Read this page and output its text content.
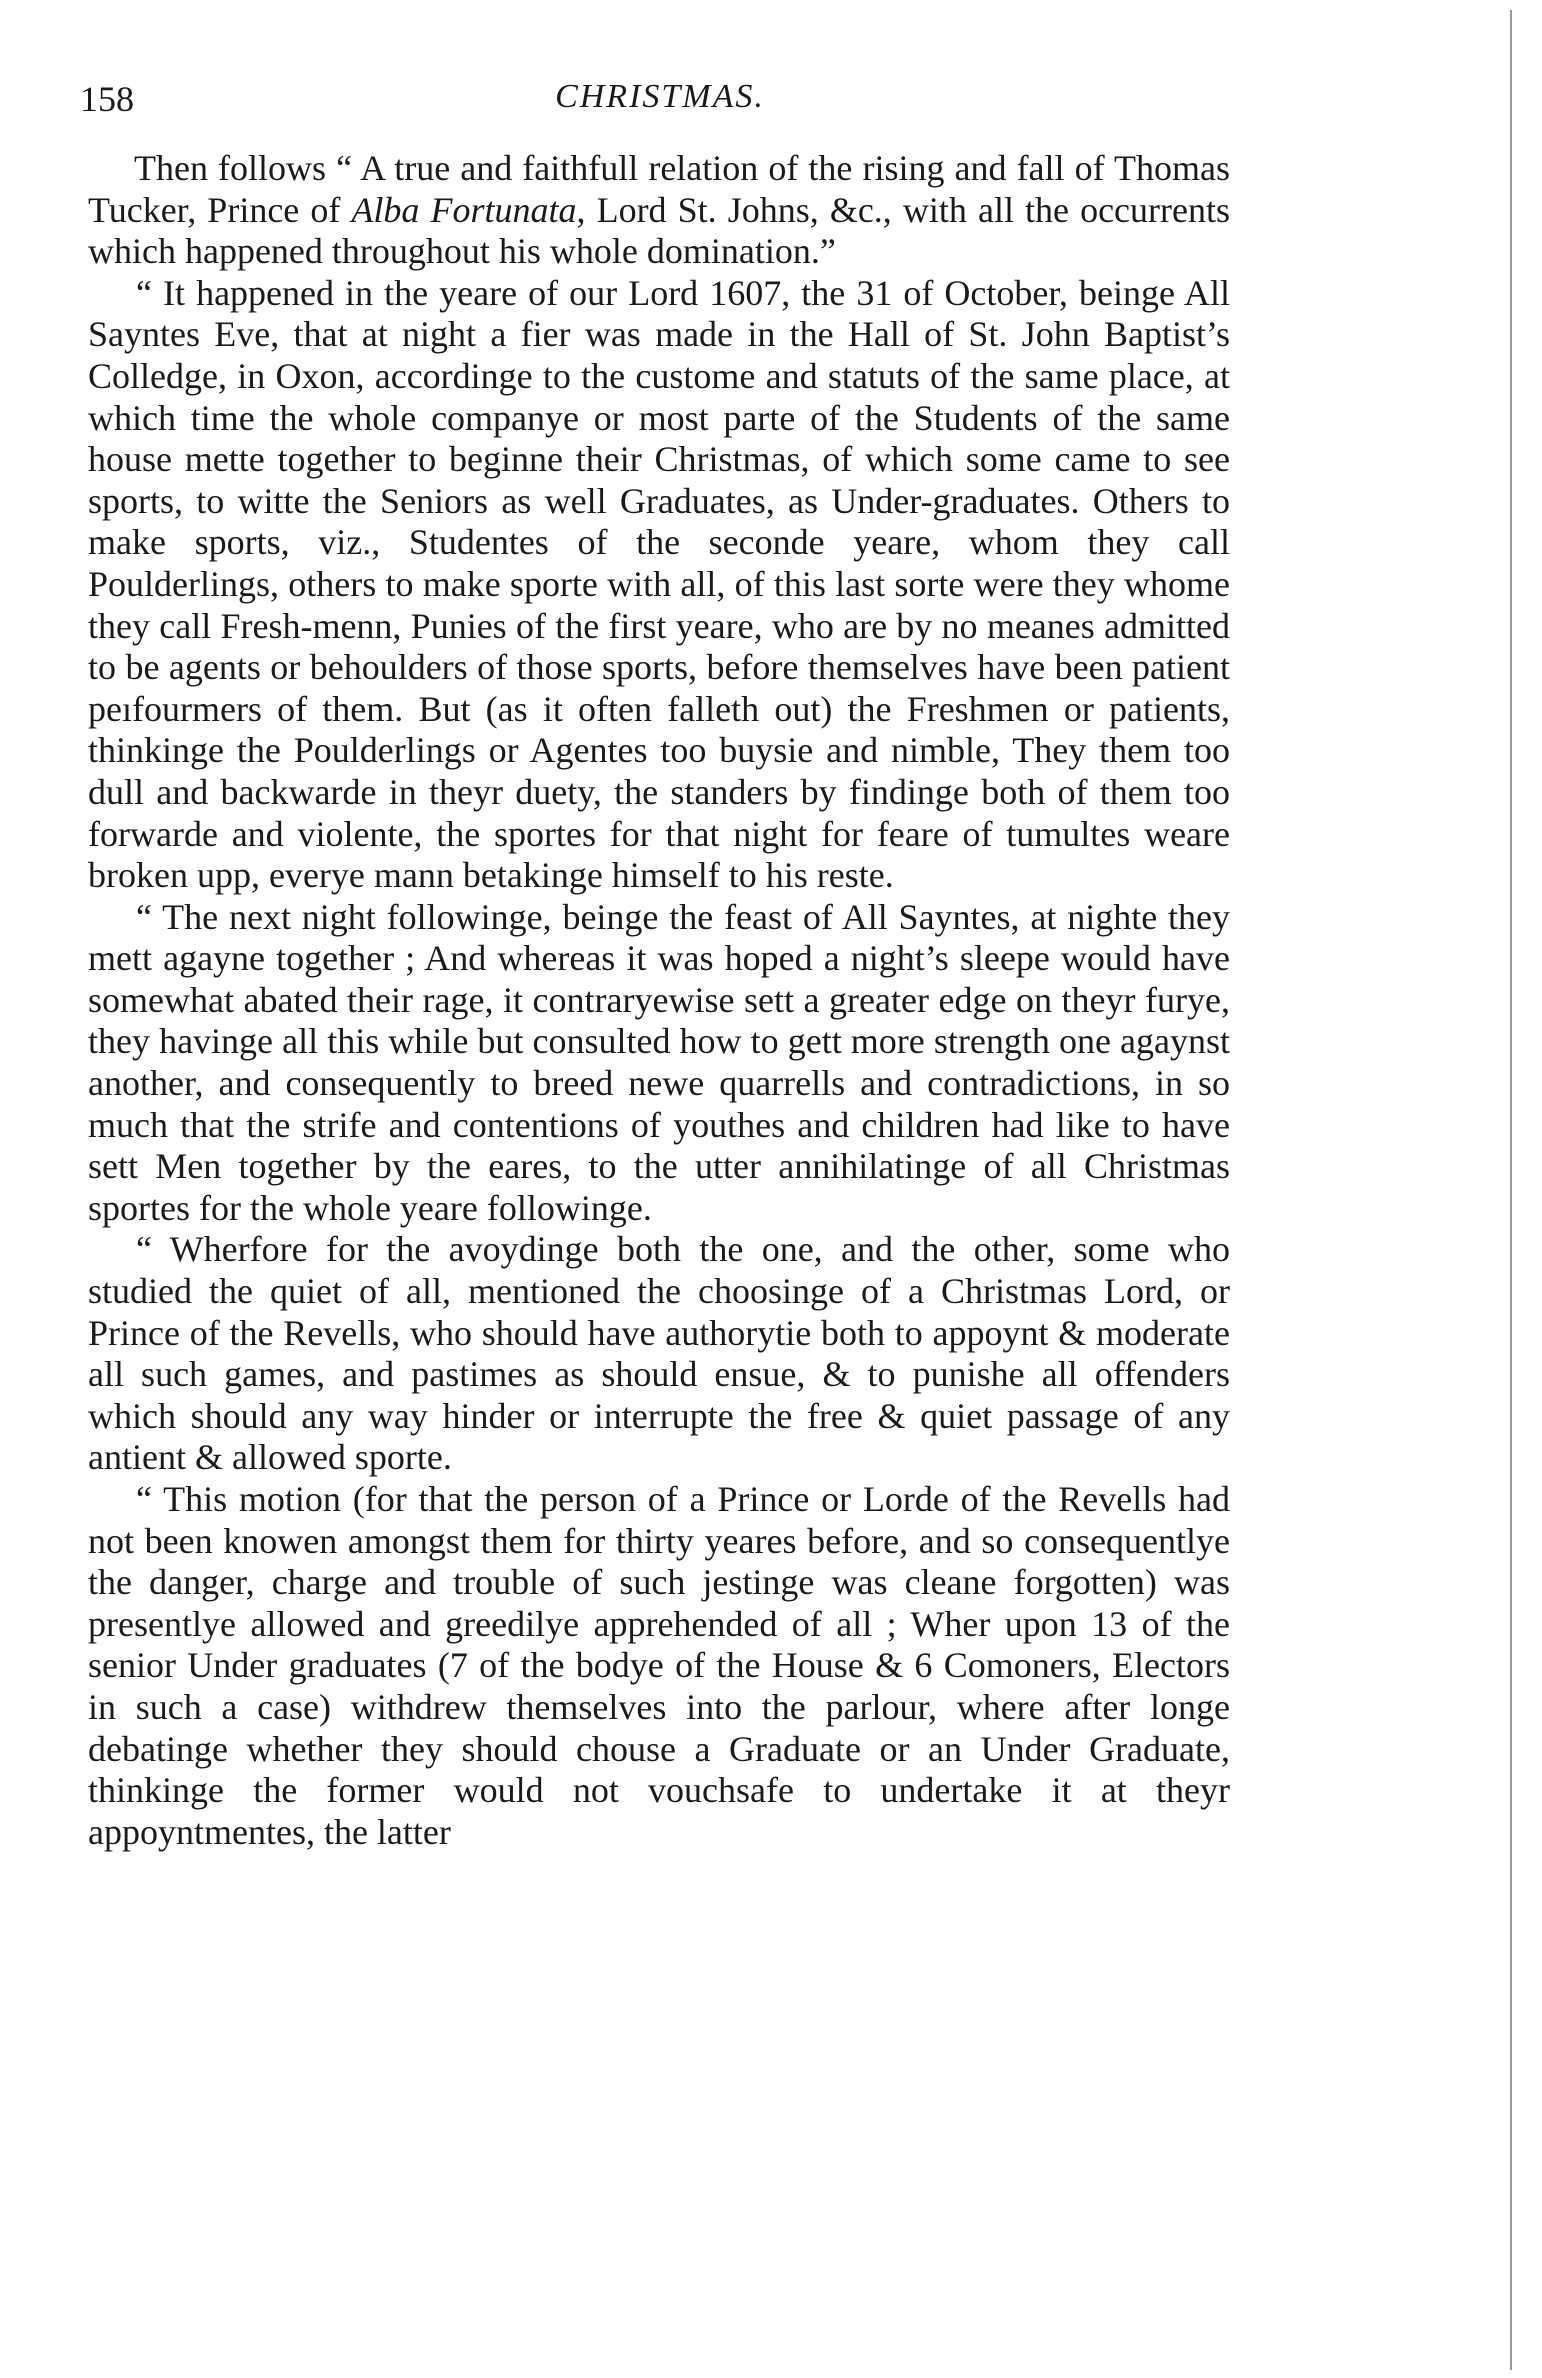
158	CHRISTMAS.

Then follows “ A true and faithfull relation of the rising and fall of Thomas Tucker, Prince of Alba Fortunata, Lord St. Johns, &c., with all the occurrents which happened throughout his whole domination.”

“ It happened in the yeare of our Lord 1607, the 31 of October, beinge All Sayntes Eve, that at night a fier was made in the Hall of St. John Baptist’s Colledge, in Oxon, accordinge to the custome and statuts of the same place, at which time the whole companye or most parte of the Students of the same house mette together to beginne their Christmas, of which some came to see sports, to witte the Seniors as well Graduates, as Under-graduates. Others to make sports, viz., Studentes of the seconde yeare, whom they call Poulderlings, others to make sporte with all, of this last sorte were they whome they call Fresh-menn, Punies of the first yeare, who are by no meanes admitted to be agents or behoulders of those sports, before themselves have been patient peıfourmers of them. But (as it often falleth out) the Freshmen or patients, thinkinge the Poulderlings or Agentes too buysie and nimble, They them too dull and backwarde in theyr duety, the standers by findinge both of them too forwarde and violente, the sportes for that night for feare of tumultes weare broken upp, everye mann betakinge himself to his reste.

“ The next night followinge, beinge the feast of All Sayntes, at nighte they mett agayne together ; And whereas it was hoped a night’s sleepe would have somewhat abated their rage, it contraryewise sett a greater edge on theyr furye, they havinge all this while but consulted how to gett more strength one agaynst another, and consequently to breed newe quarrells and contradictions, in so much that the strife and contentions of youthes and children had like to have sett Men together by the eares, to the utter annihilatinge of all Christmas sportes for the whole yeare followinge.

“ Wherfore for the avoydinge both the one, and the other, some who studied the quiet of all, mentioned the choosinge of a Christmas Lord, or Prince of the Revells, who should have authorytie both to appoynt & moderate all such games, and pastimes as should ensue, & to punishe all offenders which should any way hinder or interrupte the free & quiet passage of any antient & allowed sporte.

“ This motion (for that the person of a Prince or Lorde of the Revells had not been knowen amongst them for thirty yeares before, and so consequentlye the danger, charge and trouble of such jestinge was cleane forgotten) was presentlye allowed and greedilye apprehended of all ; Wher upon 13 of the senior Under graduates (7 of the bodye of the House & 6 Comoners, Electors in such a case) withdrew themselves into the parlour, where after longe debatinge whether they should chouse a Graduate or an Under Graduate, thinkinge the former would not vouchsafe to undertake it at theyr appoyntmentes, the latter
